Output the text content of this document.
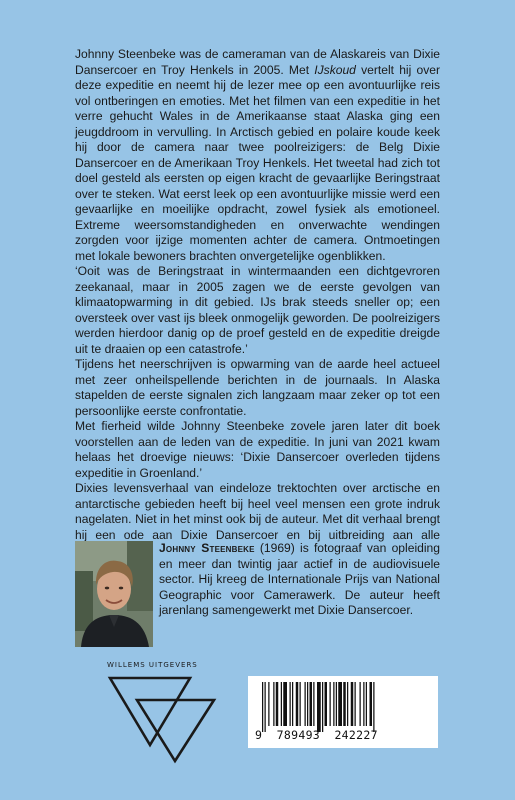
Johnny Steenbeke was de cameraman van de Alaskareis van Dixie Dansercoer en Troy Henkels in 2005. Met IJskoud vertelt hij over deze expeditie en neemt hij de lezer mee op een avontuurlijke reis vol ontberingen en emoties. Met het filmen van een expeditie in het verre gehucht Wales in de Amerikaanse staat Alaska ging een jeugddroom in vervulling. In Arctisch gebied en polaire koude keek hij door de camera naar twee poolreizigers: de Belg Dixie Dansercoer en de Amerikaan Troy Henkels. Het tweetal had zich tot doel gesteld als eersten op eigen kracht de gevaarlijke Beringstraat over te steken. Wat eerst leek op een avontuurlijke missie werd een gevaarlijke en moeilijke opdracht, zowel fysiek als emotioneel. Extreme weersomstandigheden en onverwachte wendingen zorgden voor ijzige momenten achter de camera. Ontmoetingen met lokale bewoners brachten onvergetelijke ogenblikken.

‘Ooit was de Beringstraat in wintermaanden een dichtgevroren zeekanaal, maar in 2005 zagen we de eerste gevolgen van klimaatopwarming in dit gebied. IJs brak steeds sneller op; een oversteek over vast ijs bleek onmogelijk geworden. De poolreizigers werden hierdoor danig op de proef gesteld en de expeditie dreigde uit te draaien op een catastrofe.’

Tijdens het neerschrijven is opwarming van de aarde heel actueel met zeer onheilspellende berichten in de journaals. In Alaska stapelden de eerste signalen zich langzaam maar zeker op tot een persoonlijke eerste confrontatie.

Met fierheid wilde Johnny Steenbeke zovele jaren later dit boek voorstellen aan de leden van de expeditie. In juni van 2021 kwam helaas het droevige nieuws: ‘Dixie Dansercoer overleden tijdens expeditie in Groenland.’

Dixies levensverhaal van eindeloze trektochten over arctische en antarctische gebieden heeft bij heel veel mensen een grote indruk nagelaten. Niet in het minst ook bij de auteur. Met dit verhaal brengt hij een ode aan Dixie Dansercoer en bij uitbreiding aan alle

Johnny Steenbeke (1969) is fotograaf van opleiding en meer dan twintig jaar actief in de audiovisuele sector. Hij kreeg de Internationale Prijs van National Geographic voor Camerawerk. De auteur heeft jarenlang samengewerkt met Dixie Dansercoer.
WILLEMS UITGEVERS
9  789493  242227
